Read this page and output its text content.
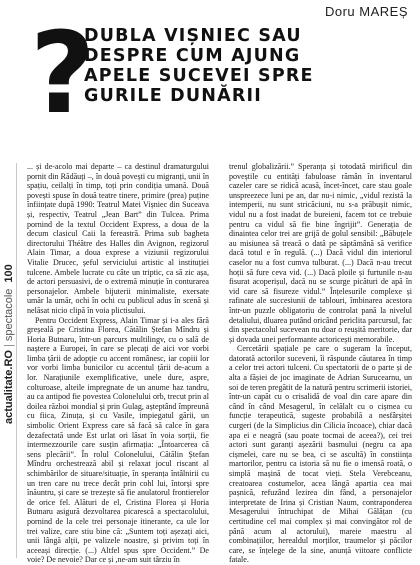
Doru MAREȘ
?
DUBLA VIȘNIEC SAU
DESPRE CUM AJUNG
APELE SUCEVEI SPRE
GURILE DUNĂRII
actualitate.RO|spectacole100

... și de-acolo mai departe – ca destinul dramaturgului pornit din Rădăuți –, în două povești cu migranți, unii în spațiu, ceilalți în timp, toți prin condiția umană. Două povești spuse în două teatre tinere, primire (prea) puține înființate după 1990: Teatrul Matei Vișniec din Suceava și, respectiv, Teatrul „Jean Bart” din Tulcea. Prima pornind de la textul Occident Express, a doua de la decum clasicul Caii la fereastră. Prima sub bagheta directorului Théâtre des Halles din Avignon, regizorul Alain Timar, a doua exprese a viziunii regizorului Vitalie Drucec, șeful serviciului artistic al instituției tulcene. Ambele lucrate cu câte un triptic, ca să zic așa, de actori persuasivi, de o extremă minuție în conturarea personajelor. Ambele bijuterii minimaliste, exersate umăr la umăr, ochi în ochi cu publicul adus în scenă și nelăsat nicio clipă în voia plictisului.

Pentru Occident Express, Alain Timar și i-a ales fără greșeală pe Cristina Florea, Cătălin Ștefan Mîndru și Horia Butnaru, într-un parcurs multilingv, cu o sală de naștere a Europei, în care se plecați de aici vor vorbi limba țării de adopție cu accent românesc, iar copiii lor vor vorbi limba bunicilor cu accentul țării de-acum a lor. Narațiunile exemplificative, unele dure, aspre, colturoase, alteile impregnate de un anume haz tandru, au ca antipod fie povestea Colonelului orb, trecut prin al doilea război mondial și prin Gulag, așteptând împreună cu fiica, Zinuța, și cu Vasile, impiegatul gării, un simbolic Orient Express care să facă să calce în gara dezafectată unde Est urlat ori lăsat în voia sorții, fie intermezzourile care susțin afirmația: „Întoarcerea că sens plecării”. În rolul Colonelului, Cătălin Ștefan Mîndru orchestrează abil și relaxat jocul riscant al schimbărilor de situare/situație, în speranța întâlnirii cu un tren care nu trece decât prin cohl lui, întorși spre înăuntru, și care se trezește să fie anulatorul frontierelor de orice fel. Alături de el, Cristina Florea și Horia Butnaru asigură dezvoltarea picarescă a spectacolului, pornind de la cele trei personaje itinerante, ca ule lor trei valize, care stiu bine că: „Suntem toți așezați aici, unii lângă alții, pe valizele noastre, și privim toți în aceeași direcție. (...) Altfel spus spre Occident.” De voie? De nevoie? Dar ce și ,ne-am suit târziu în

trenul globalizării.” Speranța și totodată mirificul din poveștile cu entități fabuloase rămân în inventarul cazeler care se ridică acasă, încet-încet, care stau goale unspreezece luni pe an, dar nu-i nimic, „vidul rezistă la intemperii, nu sunt stricăciuni, nu s-a prăbușit nimic, vidul nu a fost inadat de bureieni, facem tot ce trebuie pentru ca vidul să fie bine îngrijit”. Generația de dinaintea celor trei are grijă de golul sensibil: „Băbuțele au misiunea să treacă o dată pe săptămână să verifice dacă totul e în regulă. (...) Dacă vidul din interiorul caselor nu a fost cumva tulburat. (...) Dacă n-au trecut hoții să fure ceva vid. (...) Dacă ploile și furtunile n-au fisurat acoperișul, dacă nu se scurge picături de apă în vid care să fisureze vidul.” Înțelesurile complexe și rafinate ale succesiunii de tablouri, îmbinarea acestora într-un puzzle obligatoriu de controlat pană la nivelul detaliului, dluarea putând oricând periclita parcursul, fac din spectacolul sucevean nu doar o reușită meritorie, dar și dovada unei performante actoricești memorabile.

Cercetării spațiale pe care o sugeram la început, datorată actorilor suceveni, îi răspunde căutarea în timp a celor trei actori tulceni. Cu spectatorii de o parte și de alta a fășiei de joc imaginate de Adrian Surucearnu, un soi de teren pregătit de la natură pentru scrimerii istoriei, într-un capăt cu o crisalidă de voal din care apare din când în când Mesagerul, în celălalt cu o cișmea cu funcție terapeutică, sugeste probabilă a nesfârșitei curgeri (de la Simplicius din Cilicia încoace), chiar dacă apa ei e neagră (sau poate tocmai de aceea?), cei trei actori sunt garanți așezării basmului (negru ca apa cișmelei, care nu se bea, ci se ascultă) în constiința martorilor, pentru ca istoria să nu fie o imensă roată, o simplă mașină de tocat vieți. Stela Verebceanu, creatoarea costumelor, acea lângă apartia cea mai pașnică, refuzând lezirea din fând, a personajelor interpretate de Irina și Cristian Naum, contraponderea Mesagerului întruchipat de Mihai Gălățan (cu certitudine cel mai complex și mai convingător rol de până acum al actorului), mareie maestru al combinațiilor, herealdul morților, traumelor și păcilor care, se înțelege de la sine, anunță viitoare conflicte fatale.
